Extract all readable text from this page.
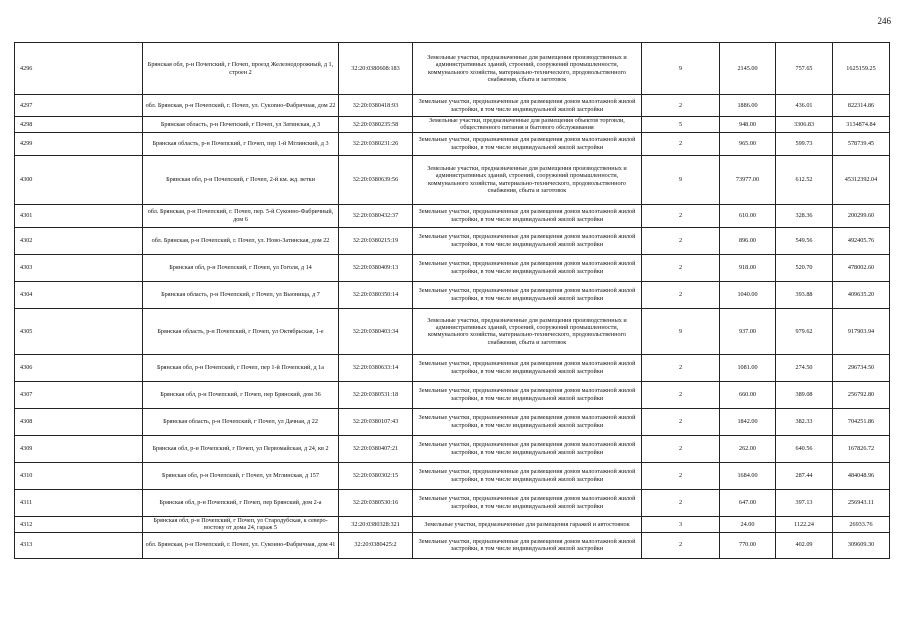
246
4296	Брянская обл, р-н Почепский, г Почеп, проезд Железнодорожный, д 1, строен 2	32:20:0380608:183	Земельные участки, предназначенные для размещения производственных и административных зданий, строений, сооружений промышленности, коммунального хозяйства, материально-технического, продовольственного снабжения, сбыта и заготовок	9	2145.00	757.65	1625159.25
4297	обл. Брянская, р-н Почепский, г. Почеп, ул. Сукonно-Фабричная, дом 22	32:20:0380418:93	Земельные участки, предназначенные для размещения домов малоэтажной жилой застройки, в том числе индивидуальной жилой застройки	2	1886.00	436.01	822314.86
4298	Брянская область, р-н Почепский, г Почеп, ул Затинская, д 3	32:20:0380235:58	Земельные участки, предназначенные для размещения объектов торговли, общественного питания и бытового обслуживания	5	948.00	3306.83	3134874.84
4299	Брянская область, р-н Почепский, г Почеп, пер 1-й Мглинский, д 3	32:20:0380231:26	Земельные участки, предназначенные для размещения домов малоэтажной жилой застройки, в том числе индивидуальной жилой застройки	2	965.00	599.73	578739.45
4300	Брянская обл, р-н Почепский, г Почеп, 2-й км. жд. ветки	32:20:0380639:56	Земельные участки, предназначенные для размещения производственных и административных зданий, строений, сооружений промышленности, коммунального хозяйства, материально-технического, продовольственного снабжения, сбыта и заготовок	9	73977.00	612.52	45312392.04
4301	обл. Брянская, р-н Почепский, г. Почеп, пер. 5-й Суконно-Фабричный, дом 6	32:20:0380432:37	Земельные участки, предназначенные для размещения домов малоэтажной жилой застройки, в том числе индивидуальной жилой застройки	2	610.00	328.36	200299.60
4302	обл. Брянская, р-н Почепский, г. Почеп, ул. Ново-Затинская, дом 22	32:20:0380215:19	Земельные участки, предназначенные для размещения домов малоэтажной жилой застройки, в том числе индивидуальной жилой застройки	2	896.00	549.56	492405.76
4303	Брянская обл, р-н Почепский, г Почеп, ул Гоголя, д 14	32:20:0380409:13	Земельные участки, предназначенные для размещения домов малоэтажной жилой застройки, в том числе индивидуальной жилой застройки	2	918.00	520.70	478002.60
4304	Брянская область, р-н Почепский, г Почеп, ул Вьюнища, д 7	32:20:0380350:14	Земельные участки, предназначенные для размещения домов малоэтажной жилой застройки, в том числе индивидуальной жилой застройки	2	1040.00	393.88	409635.20
4305	Брянская область, р-н Почепский, г Почеп, ул Октябрьская, 1-е	32:20:0380403:34	Земельные участки, предназначенные для размещения производственных и административных зданий, строений, сооружений промышленности, коммунального хозяйства, материально-технического, продовольственного снабжения, сбыта и заготовок	9	937.00	979.62	917903.94
4306	Брянская обл, р-н Почепский, г Почеп, пер 1-й Почепский, д 1а	32:20:0380633:14	Земельные участки, предназначенные для размещения домов малоэтажной жилой застройки, в том числе индивидуальной жилой застройки	2	1081.00	274.50	296734.50
4307	Брянская обл, р-н Почепский, г Почеп, пер Брянский, дом 36	32:20:0380531:18	Земельные участки, предназначенные для размещения домов малоэтажной жилой застройки, в том числе индивидуальной жилой застройки	2	660.00	389.08	256792.80
4308	Брянская область, р-н Почепский, г Почеп, ул Дачная, д 22	32:20:0380107:43	Земельные участки, предназначенные для размещения домов малоэтажной жилой застройки, в том числе индивидуальной жилой застройки	2	1842.00	382.33	704251.86
4309	Брянская обл, р-н Почепский, г Почеп, ул Первомайская, д 24, кв 2	32:20:0380407:21	Земельные участки, предназначенные для размещения домов малоэтажной жилой застройки, в том числе индивидуальной жилой застройки	2	262.00	640.56	167826.72
4310	Брянская обл, р-н Почепский, г Почеп, ул Мглинская, д 157	32:20:0380302:15	Земельные участки, предназначенные для размещения домов малоэтажной жилой застройки, в том числе индивидуальной жилой застройки	2	1684.00	287.44	484048.96
4311	Брянская обл, р-н Почепский, г Почеп, пер Брянский, дом 2-а	32:20:0380530:16	Земельные участки, предназначенные для размещения домов малоэтажной жилой застройки, в том числе индивидуальной жилой застройки	2	647.00	397.13	256943.11
4312	Брянская обл, р-н Почепский, г Почеп, ул Стародубская, к северо-востоку от дома 24, гараж 5	32:20:0380328:321	Земельные участки, предназначенные для размещения гаражей и автостоянок	3	24.00	1122.24	26933.76
4313	обл. Брянская, р-н Почепский, г. Почеп, ул. Суконно-Фабричная, дом 41	32:20:0380425:2	Земельные участки, предназначенные для размещения домов малоэтажной жилой застройки, в том числе индивидуальной жилой застройки	2	770.00	402.09	309609.30
